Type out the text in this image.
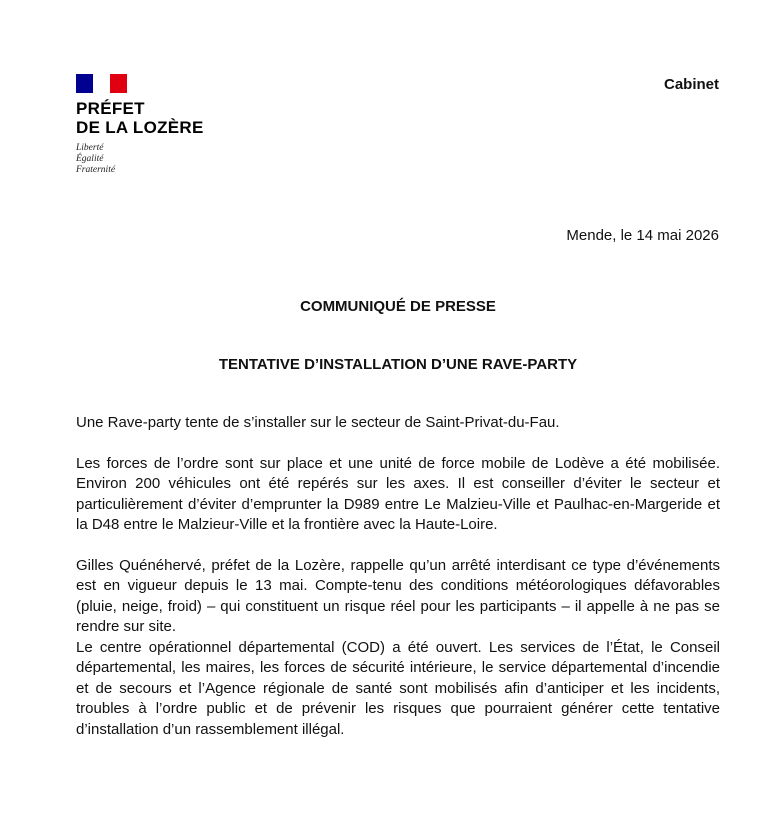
PRÉFET
DE LA LOZÈRE
Liberté
Égalité
Fraternité
Cabinet
Mende, le 14 mai 2026
COMMUNIQUÉ DE PRESSE
TENTATIVE D’INSTALLATION D’UNE RAVE-PARTY

Une Rave-party tente de s’installer sur le secteur de Saint-Privat-du-Fau.

Les forces de l’ordre sont sur place et une unité de force mobile de Lodève a été mobilisée. Environ 200 véhicules ont été repérés sur les axes. Il est conseiller d’éviter le secteur et particulièrement d’éviter d’emprunter la D989 entre Le Malzieu-Ville et Paulhac-en-Margeride et la D48 entre le Malzieur-Ville et la frontière avec la Haute-Loire.

Gilles Quénéhervé, préfet de la Lozère, rappelle qu’un arrêté interdisant ce type d’événements est en vigueur depuis le 13 mai. Compte-tenu des conditions météorologiques défavorables (pluie, neige, froid) – qui constituent un risque réel pour les participants – il appelle à ne pas se rendre sur site.

Le centre opérationnel départemental (COD) a été ouvert. Les services de l’État, le Conseil départemental, les maires, les forces de sécurité intérieure, le service départemental d’incendie et de secours et l’Agence régionale de santé sont mobilisés afin d’anticiper et les incidents, troubles à l’ordre public et de prévenir les risques que pourraient générer cette tentative d’installation d’un rassemblement illégal.
